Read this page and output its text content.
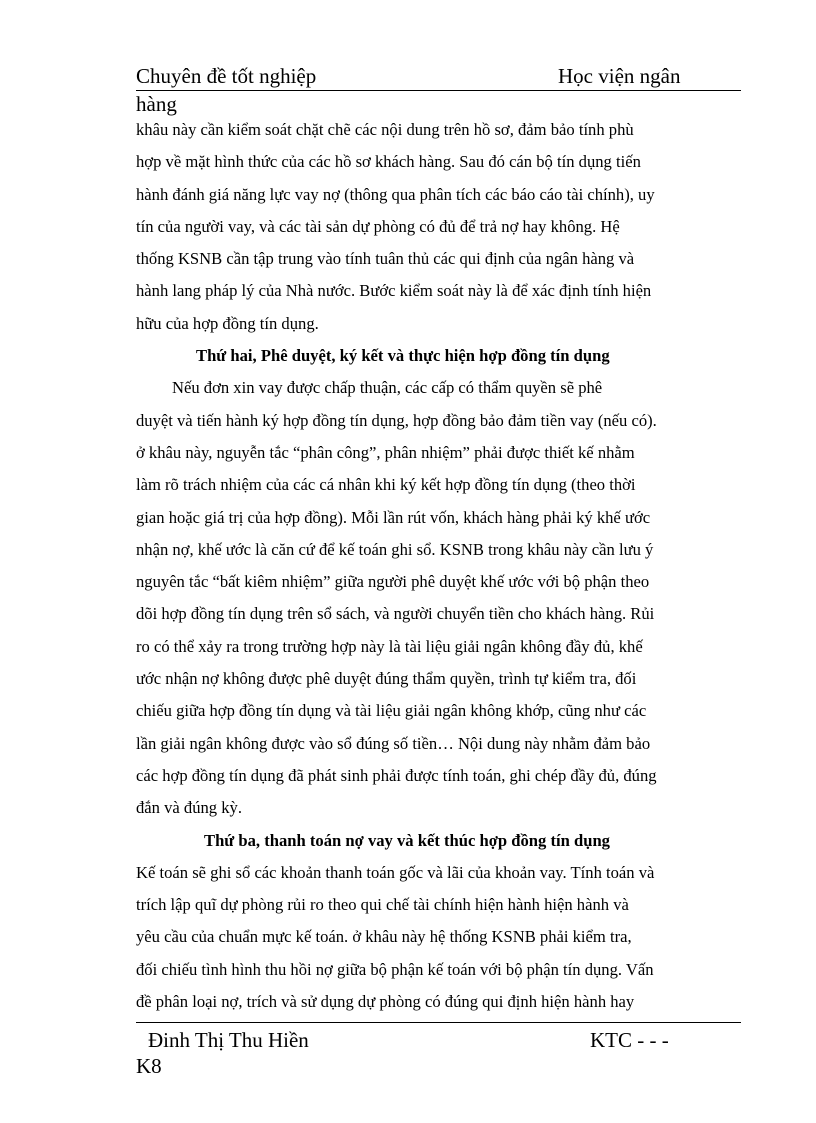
Chuyên đề tốt nghiệp	Học viện ngân
hàng
khâu này cần kiểm soát chặt chẽ các nội dung trên hồ sơ, đảm bảo tính phù
hợp về mặt hình thức của các hồ sơ khách hàng. Sau đó cán bộ tín dụng tiến
hành đánh giá năng lực vay nợ (thông qua phân tích các báo cáo tài chính), uy
tín của người vay, và các tài sản dự phòng có đủ để trả nợ hay không. Hệ
thống KSNB cần tập trung vào tính tuân thủ các qui định của ngân hàng và
hành lang pháp lý của Nhà nước. Bước kiểm soát này là để xác định tính hiện
hữu của hợp đồng tín dụng.
Thứ hai, Phê duyệt, ký kết và thực hiện hợp đồng tín dụng
Nếu đơn xin vay được chấp thuận, các cấp có thẩm quyền sẽ phê
duyệt và tiến hành ký hợp đồng tín dụng, hợp đồng bảo đảm tiền vay (nếu có).
ở khâu này, nguyễn tắc “phân công”, phân nhiệm” phải được thiết kế nhằm
làm rõ trách nhiệm của các cá nhân khi ký kết hợp đồng tín dụng (theo thời
gian hoặc giá trị của hợp đồng). Mỗi lần rút vốn, khách hàng phải ký khế ước
nhận nợ, khế ước là căn cứ để kế toán ghi sổ. KSNB trong khâu này cần lưu ý
nguyên tắc “bất kiêm nhiệm” giữa người phê duyệt khế ước với bộ phận theo
dõi hợp đồng tín dụng trên sổ sách, và người chuyển tiền cho khách hàng. Rủi
ro có thể xảy ra trong trường hợp này là tài liệu giải ngân không đầy đủ, khế
ước nhận nợ không được phê duyệt đúng thẩm quyền, trình tự kiểm tra, đối
chiếu giữa hợp đồng tín dụng và tài liệu giải ngân không khớp, cũng như các
lần giải ngân không được vào sổ đúng số tiền… Nội dung này nhằm đảm bảo
các hợp đồng tín dụng đã phát sinh phải được tính toán, ghi chép đầy đủ, đúng
đắn và đúng kỳ.
Thứ ba, thanh toán nợ vay và kết thúc hợp đồng tín dụng
Kế toán sẽ ghi sổ các khoản thanh toán gốc và lãi của khoản vay. Tính toán và
trích lập quĩ dự phòng rủi ro theo qui chế tài chính hiện hành hiện hành và
yêu cầu của chuẩn mực kế toán. ở khâu này hệ thống KSNB phải kiểm tra,
đối chiếu tình hình thu hồi nợ giữa bộ phận kế toán với bộ phận tín dụng. Vấn
đề phân loại nợ, trích và sử dụng dự phòng có đúng qui định hiện hành hay
Đinh Thị Thu Hiền	KTC - - -
K8
